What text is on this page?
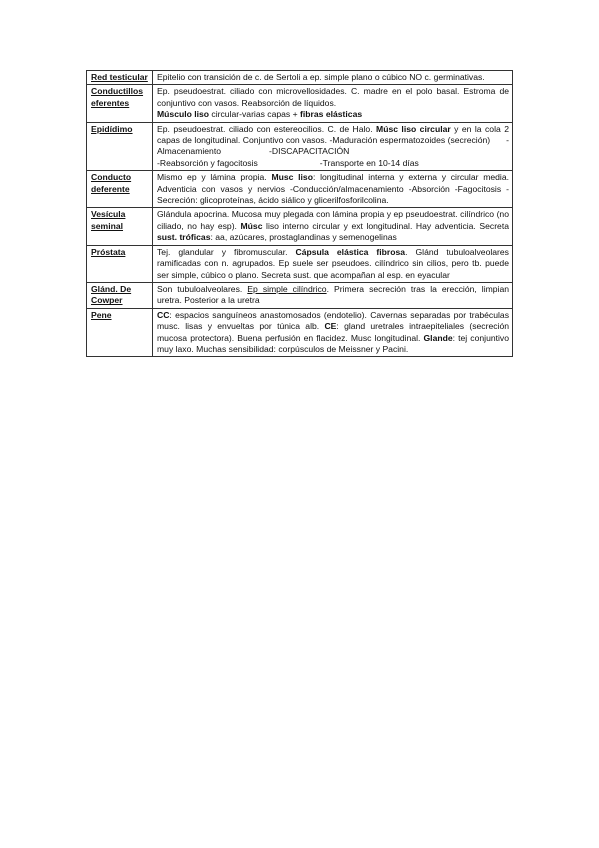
Red testicular	Epitelio con transición de c. de Sertoli a ep. simple plano o cúbico NO c. germinativas.
Conductillos eferentes	Ep. pseudoestrat. ciliado con microvellosidades. C. madre en el polo basal. Estroma de conjuntivo con vasos. Reabsorción de líquidos.
Músculo liso circular-varias capas + fibras elásticas
Epidídimo	Ep. pseudoestrat. ciliado con estereocilios. C. de Halo. Músc liso circular y en la cola 2 capas de longitudinal. Conjuntivo con vasos. -Maduración espermatozoides (secreción) -Almacenamiento -DISCAPACITACIÓN
-Reabsorción y fagocitosis -Transporte en 10-14 días
Conducto deferente	Mismo ep y lámina propia. Musc liso: longitudinal interna y externa y circular media. Adventicia con vasos y nervios -Conducción/almacenamiento -Absorción -Fagocitosis -Secreción: glicoproteínas, ácido siálico y glicerilfosforilcolina.
Vesícula seminal	Glándula apocrina. Mucosa muy plegada con lámina propia y ep pseudoestrat. cilíndrico (no ciliado, no hay esp). Músc liso interno circular y ext longitudinal. Hay adventicia. Secreta sust. tróficas: aa, azúcares, prostaglandinas y semenogelinas
Próstata	Tej. glandular y fibromuscular. Cápsula elástica fibrosa. Glánd tubuloalveolares ramificadas con n. agrupados. Ep suele ser pseudoes. cilíndrico sin cilios, pero tb. puede ser simple, cúbico o plano. Secreta sust. que acompañan al esp. en eyacular
Glánd. De Cowper	Son tubuloalveolares. Ep simple cilíndrico. Primera secreción tras la erección, limpian uretra. Posterior a la uretra
Pene	CC: espacios sanguíneos anastomosados (endotelio). Cavernas separadas por trabéculas musc. lisas y envueltas por túnica alb. CE: gland uretrales intraepiteliales (secreción mucosa protectora). Buena perfusión en flacidez. Musc longitudinal. Glande: tej conjuntivo muy laxo. Muchas sensibilidad: corpúsculos de Meissner y Pacini.
